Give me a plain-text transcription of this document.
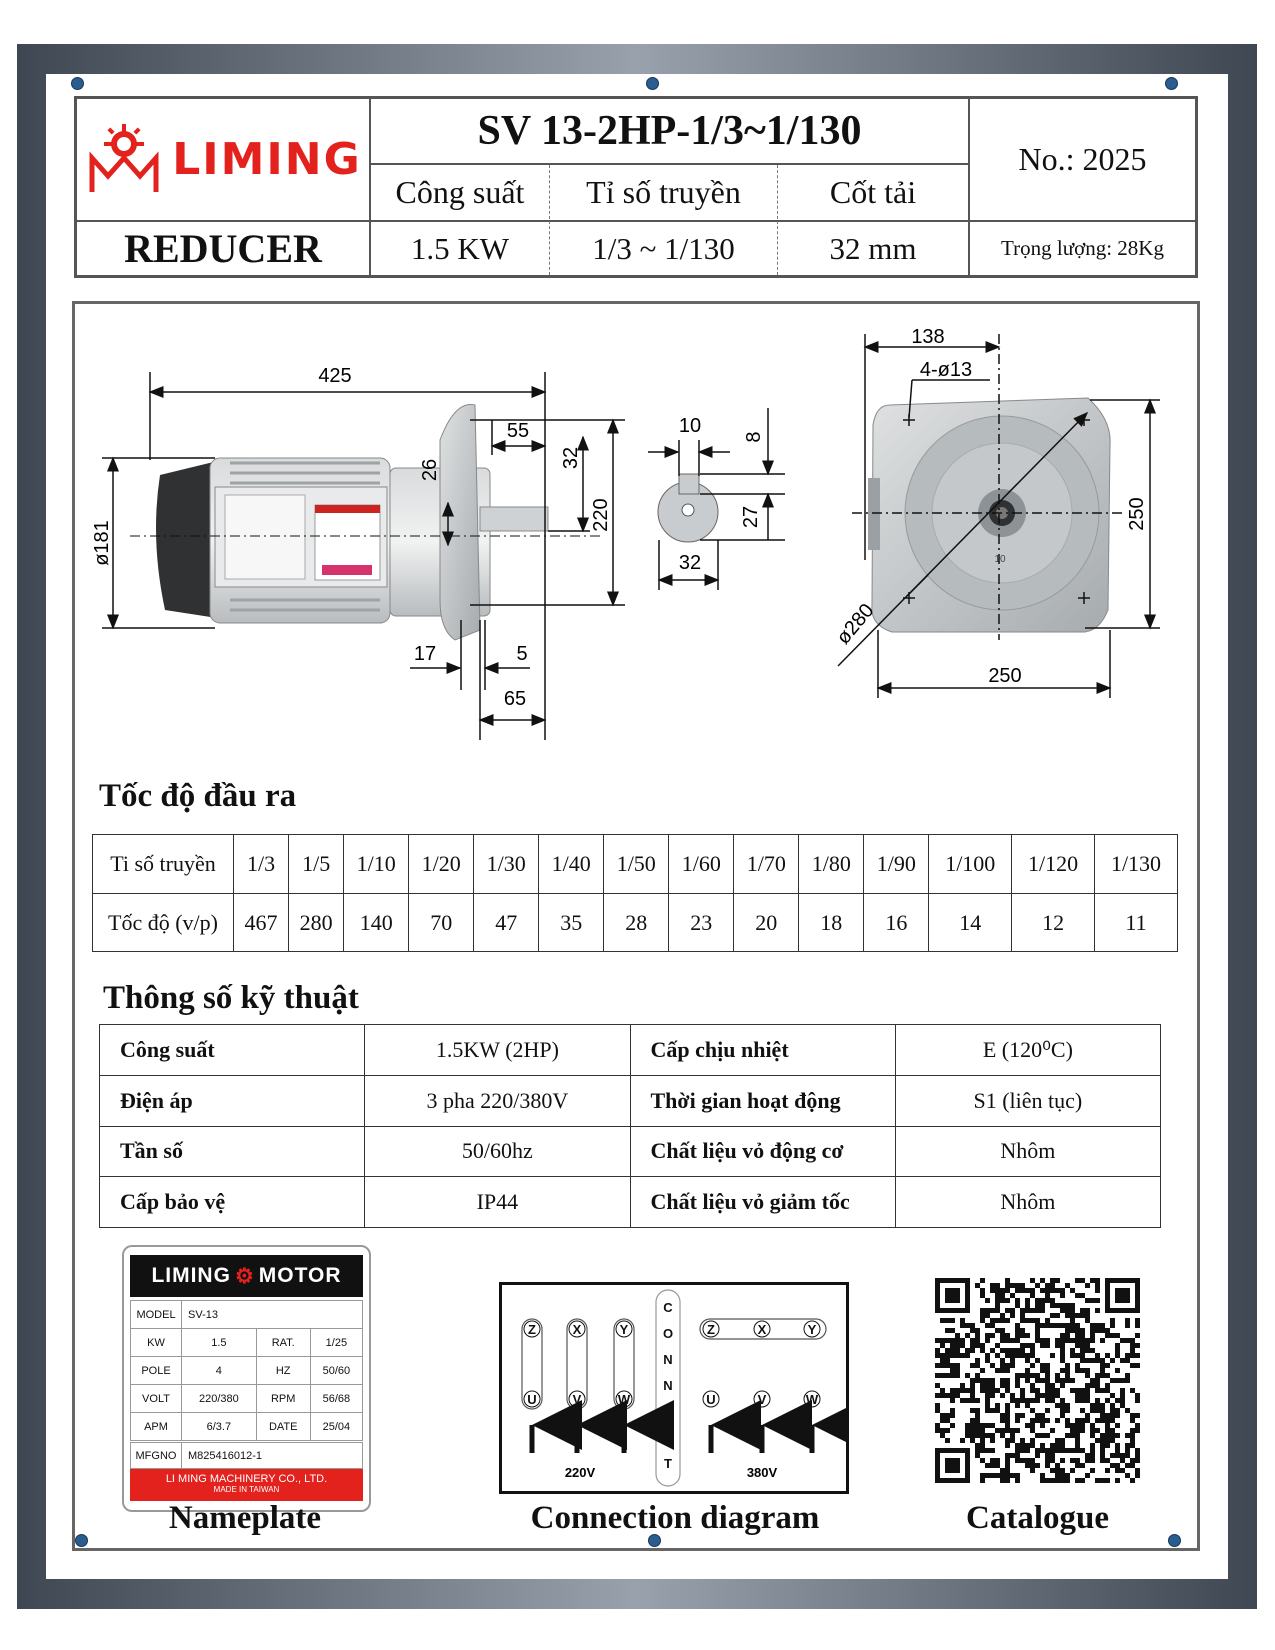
LIMING
REDUCER
SV 13-2HP-1/3~1/130
Công suất	Tỉ số truyền	Cốt tải
1.5 KW	1/3 ~ 1/130	32 mm
No.: 2025
Trọng lượng: 28Kg
425
ø181
55
32
220
26
17	5
65
10 8
27
32	10
138
4-ø13
250
250
ø280
Tốc độ đầu ra
Ti số truyền	1/3	1/5	1/10	1/20	1/30	1/40	1/50	1/60	1/70	1/80	1/90	1/100	1/120	1/130
Tốc độ (v/p)	467	280	140	70	47	35	28	23	20	18	16	14	12	11
Thông số kỹ thuật
Công suất	1.5KW (2HP)	Cấp chịu nhiệt	E (120⁰C)
Điện áp	3 pha 220/380V	Thời gian hoạt động	S1 (liên tục)
Tần số	50/60hz	Chất liệu vỏ động cơ	Nhôm
Cấp bảo vệ	IP44	Chất liệu vỏ giảm tốc	Nhôm
LIMING ⚙ MOTOR
MODEL	SV-13		
KW	1.5	RAT.	1/25
POLE	4	HZ	50/60
VOLT	220/380	RPM	56/68
APM	6/3.7	DATE	25/04
MFGNO	M825416012-1
LI MING MACHINERY CO., LTD.
MADE IN TAIWAN
Z	X	Y
U	V	W
Z	X	Y
U	V	W
220V	380V
CONNECT
Nameplate	Connection diagram	Catalogue
